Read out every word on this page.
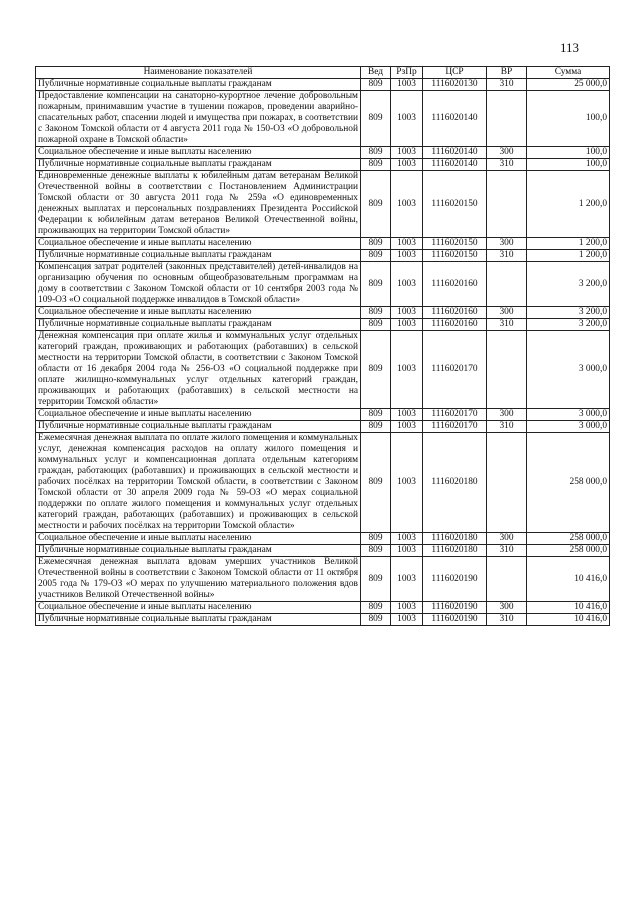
113
Наименование показателей	Вед	РзПр	ЦСР	ВР	Сумма
Публичные нормативные социальные выплаты гражданам	809	1003	1116020130	310	25 000,0
Предоставление компенсации на санаторно-курортное лечение добровольным пожарным, принимавшим участие в тушении пожаров, проведении аварийно-спасательных работ, спасении людей и имущества при пожарах, в соответствии с Законом Томской области от 4 августа 2011 года № 150-ОЗ «О добровольной пожарной охране в Томской области»	809	1003	1116020140		100,0
Социальное обеспечение и иные выплаты населению	809	1003	1116020140	300	100,0
Публичные нормативные социальные выплаты гражданам	809	1003	1116020140	310	100,0
Единовременные денежные выплаты к юбилейным датам ветеранам Великой Отечественной войны в соответствии с Постановлением Администрации Томской области от 30 августа 2011 года № 259а «О единовременных денежных выплатах и персональных поздравлениях Президента Российской Федерации к юбилейным датам ветеранов Великой Отечественной войны, проживающих на территории Томской области»	809	1003	1116020150		1 200,0
Социальное обеспечение и иные выплаты населению	809	1003	1116020150	300	1 200,0
Публичные нормативные социальные выплаты гражданам	809	1003	1116020150	310	1 200,0
Компенсация затрат родителей (законных представителей) детей-инвалидов на организацию обучения по основным общеобразовательным программам на дому в соответствии с Законом Томской области от 10 сентября 2003 года № 109-ОЗ «О социальной поддержке инвалидов в Томской области»	809	1003	1116020160		3 200,0
Социальное обеспечение и иные выплаты населению	809	1003	1116020160	300	3 200,0
Публичные нормативные социальные выплаты гражданам	809	1003	1116020160	310	3 200,0
Денежная компенсация при оплате жилья и коммунальных услуг отдельных категорий граждан, проживающих и работающих (работавших) в сельской местности на территории Томской области, в соответствии с Законом Томской области от 16 декабря 2004 года № 256-ОЗ «О социальной поддержке при оплате жилищно-коммунальных услуг отдельных категорий граждан, проживающих и работающих (работавших) в сельской местности на территории Томской области»	809	1003	1116020170		3 000,0
Социальное обеспечение и иные выплаты населению	809	1003	1116020170	300	3 000,0
Публичные нормативные социальные выплаты гражданам	809	1003	1116020170	310	3 000,0
Ежемесячная денежная выплата по оплате жилого помещения и коммунальных услуг, денежная компенсация расходов на оплату жилого помещения и коммунальных услуг и компенсационная доплата отдельным категориям граждан, работающих (работавших) и проживающих в сельской местности и рабочих посёлках на территории Томской области, в соответствии с Законом Томской области от 30 апреля 2009 года № 59-ОЗ «О мерах социальной поддержки по оплате жилого помещения и коммунальных услуг отдельных категорий граждан, работающих (работавших) и проживающих в сельской местности и рабочих посёлках на территории Томской области»	809	1003	1116020180		258 000,0
Социальное обеспечение и иные выплаты населению	809	1003	1116020180	300	258 000,0
Публичные нормативные социальные выплаты гражданам	809	1003	1116020180	310	258 000,0
Ежемесячная денежная выплата вдовам умерших участников Великой Отечественной войны в соответствии с Законом Томской области от 11 октября 2005 года № 179-ОЗ «О мерах по улучшению материального положения вдов участников Великой Отечественной войны»	809	1003	1116020190		10 416,0
Социальное обеспечение и иные выплаты населению	809	1003	1116020190	300	10 416,0
Публичные нормативные социальные выплаты гражданам	809	1003	1116020190	310	10 416,0
